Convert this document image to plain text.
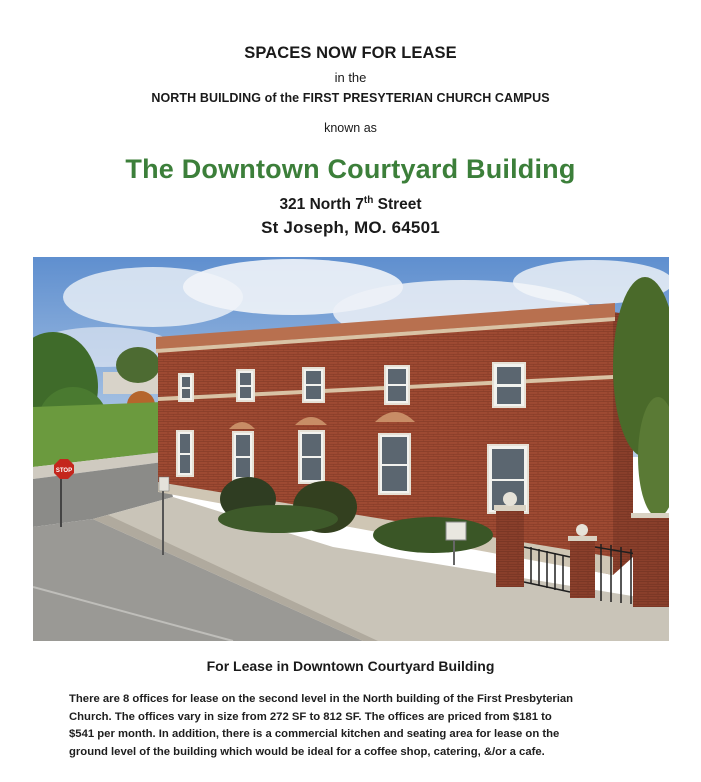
SPACES NOW FOR LEASE
in the
NORTH BUILDING of the FIRST PRESYTERIAN CHURCH CAMPUS
known as
The Downtown Courtyard Building
321 North 7th Street
St Joseph, MO. 64501
STOP
For Lease in Downtown Courtyard Building
There are 8 offices for lease on the second level in the North building of the First Presbyterian
Church. The offices vary in size from 272 SF to 812 SF. The offices are priced from $181 to
$541 per month. In addition, there is a commercial kitchen and seating area for lease on the
ground level of the building which would be ideal for a coffee shop, catering, &/or a cafe.
